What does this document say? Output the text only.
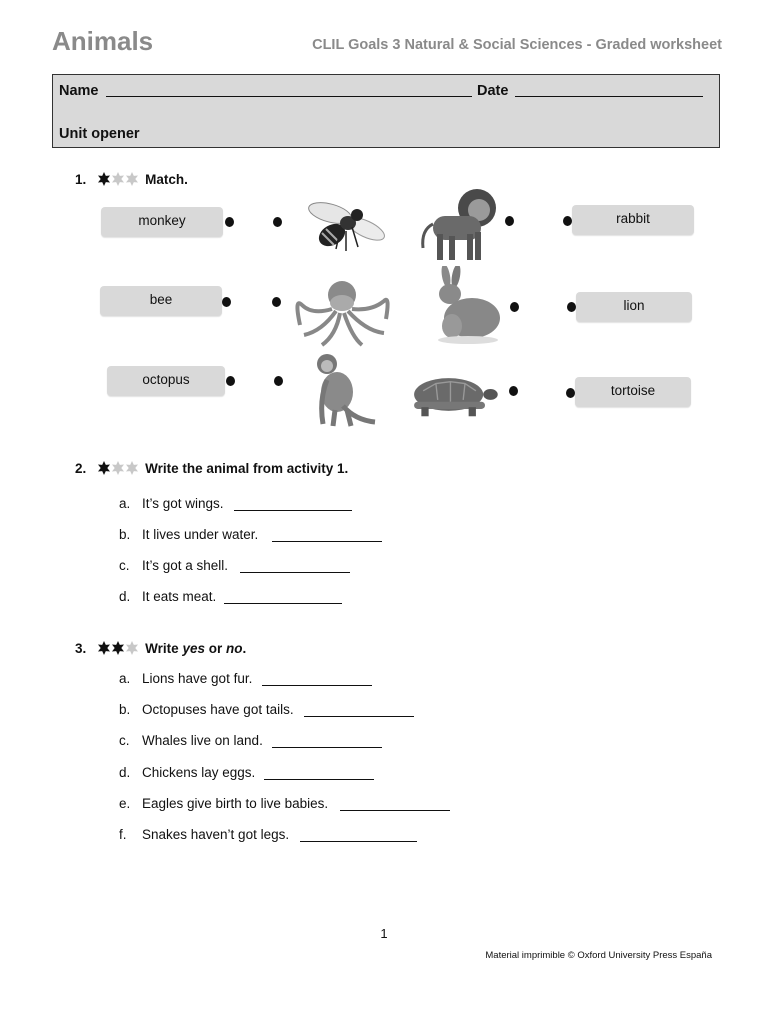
Animals	CLIL Goals 3 Natural & Social Sciences - Graded worksheet
Name	Date
Unit opener
1.	Match.
monkey
bee
octopus
rabbit
lion
tortoise
2.	Write the animal from activity 1.
a. It’s got wings.
b. It lives under water.
c. It’s got a shell.
d. It eats meat.
3.	Write yes or no.
a. Lions have got fur.
b. Octopuses have got tails.
c. Whales live on land.
d. Chickens lay eggs.
e. Eagles give birth to live babies.
f. Snakes haven’t got legs.
1
Material imprimible © Oxford University Press España
